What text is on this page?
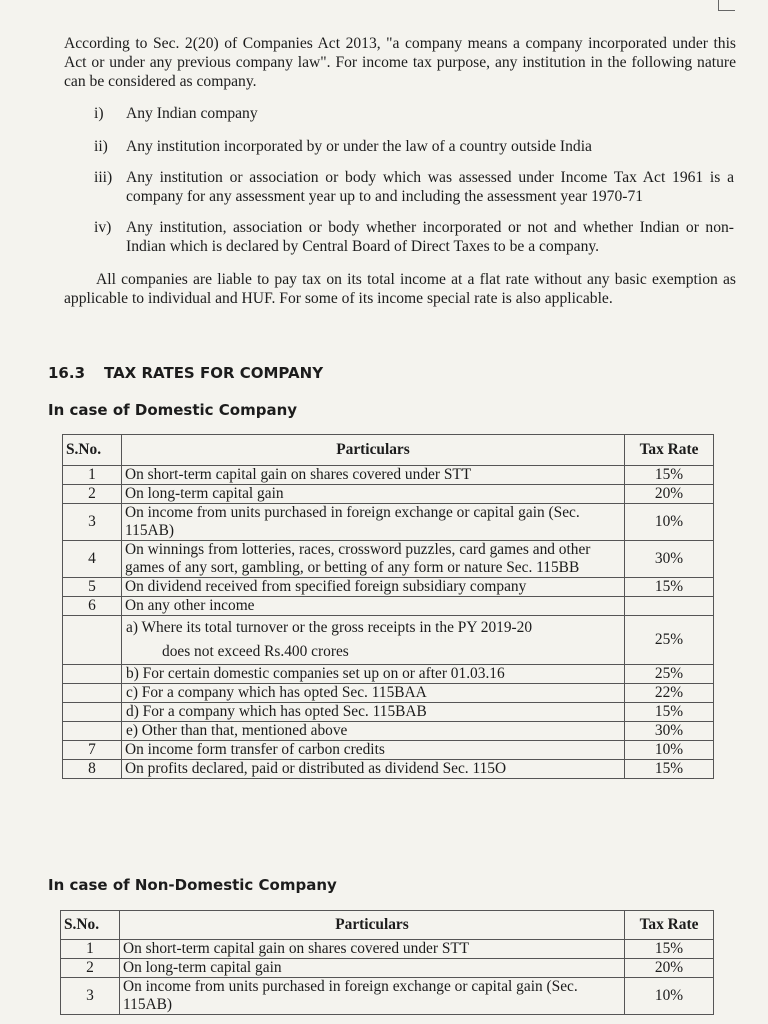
According to Sec. 2(20) of Companies Act 2013, "a company means a company incorporated under this Act or under any previous company law". For income tax purpose, any institution in the following nature can be considered as company.

i) Any Indian company
ii) Any institution incorporated by or under the law of a country outside India
iii) Any institution or association or body which was assessed under Income Tax Act 1961 is a company for any assessment year up to and including the assessment year 1970-71
iv) Any institution, association or body whether incorporated or not and whether Indian or non- Indian which is declared by Central Board of Direct Taxes to be a company.
All companies are liable to pay tax on its total income at a flat rate without any basic exemption as applicable to individual and HUF. For some of its income special rate is also applicable.
16.3 TAX RATES FOR COMPANY
In case of Domestic Company
S.No.	Particulars	Tax Rate
1	On short-term capital gain on shares covered under STT	15%
2	On long-term capital gain	20%
3	On income from units purchased in foreign exchange or capital gain (Sec. 115AB)	10%
4	On winnings from lotteries, races, crossword puzzles, card games and other games of any sort, gambling, or betting of any form or nature Sec. 115BB	30%
5	On dividend received from specified foreign subsidiary company	15%
6	On any other income	

	a) Where its total turnover or the gross receipts in the PY 2019-20
does not exceed Rs.400 crores	25%
	b) For certain domestic companies set up on or after 01.03.16	25%
	c) For a company which has opted Sec. 115BAA	22%
	d) For a company which has opted Sec. 115BAB	15%
	e) Other than that, mentioned above	30%
7	On income form transfer of carbon credits	10%
8	On profits declared, paid or distributed as dividend Sec. 115O	15%
In case of Non-Domestic Company
S.No.	Particulars	Tax Rate
1	On short-term capital gain on shares covered under STT	15%
2	On long-term capital gain	20%
3	On income from units purchased in foreign exchange or capital gain (Sec. 115AB)	10%
